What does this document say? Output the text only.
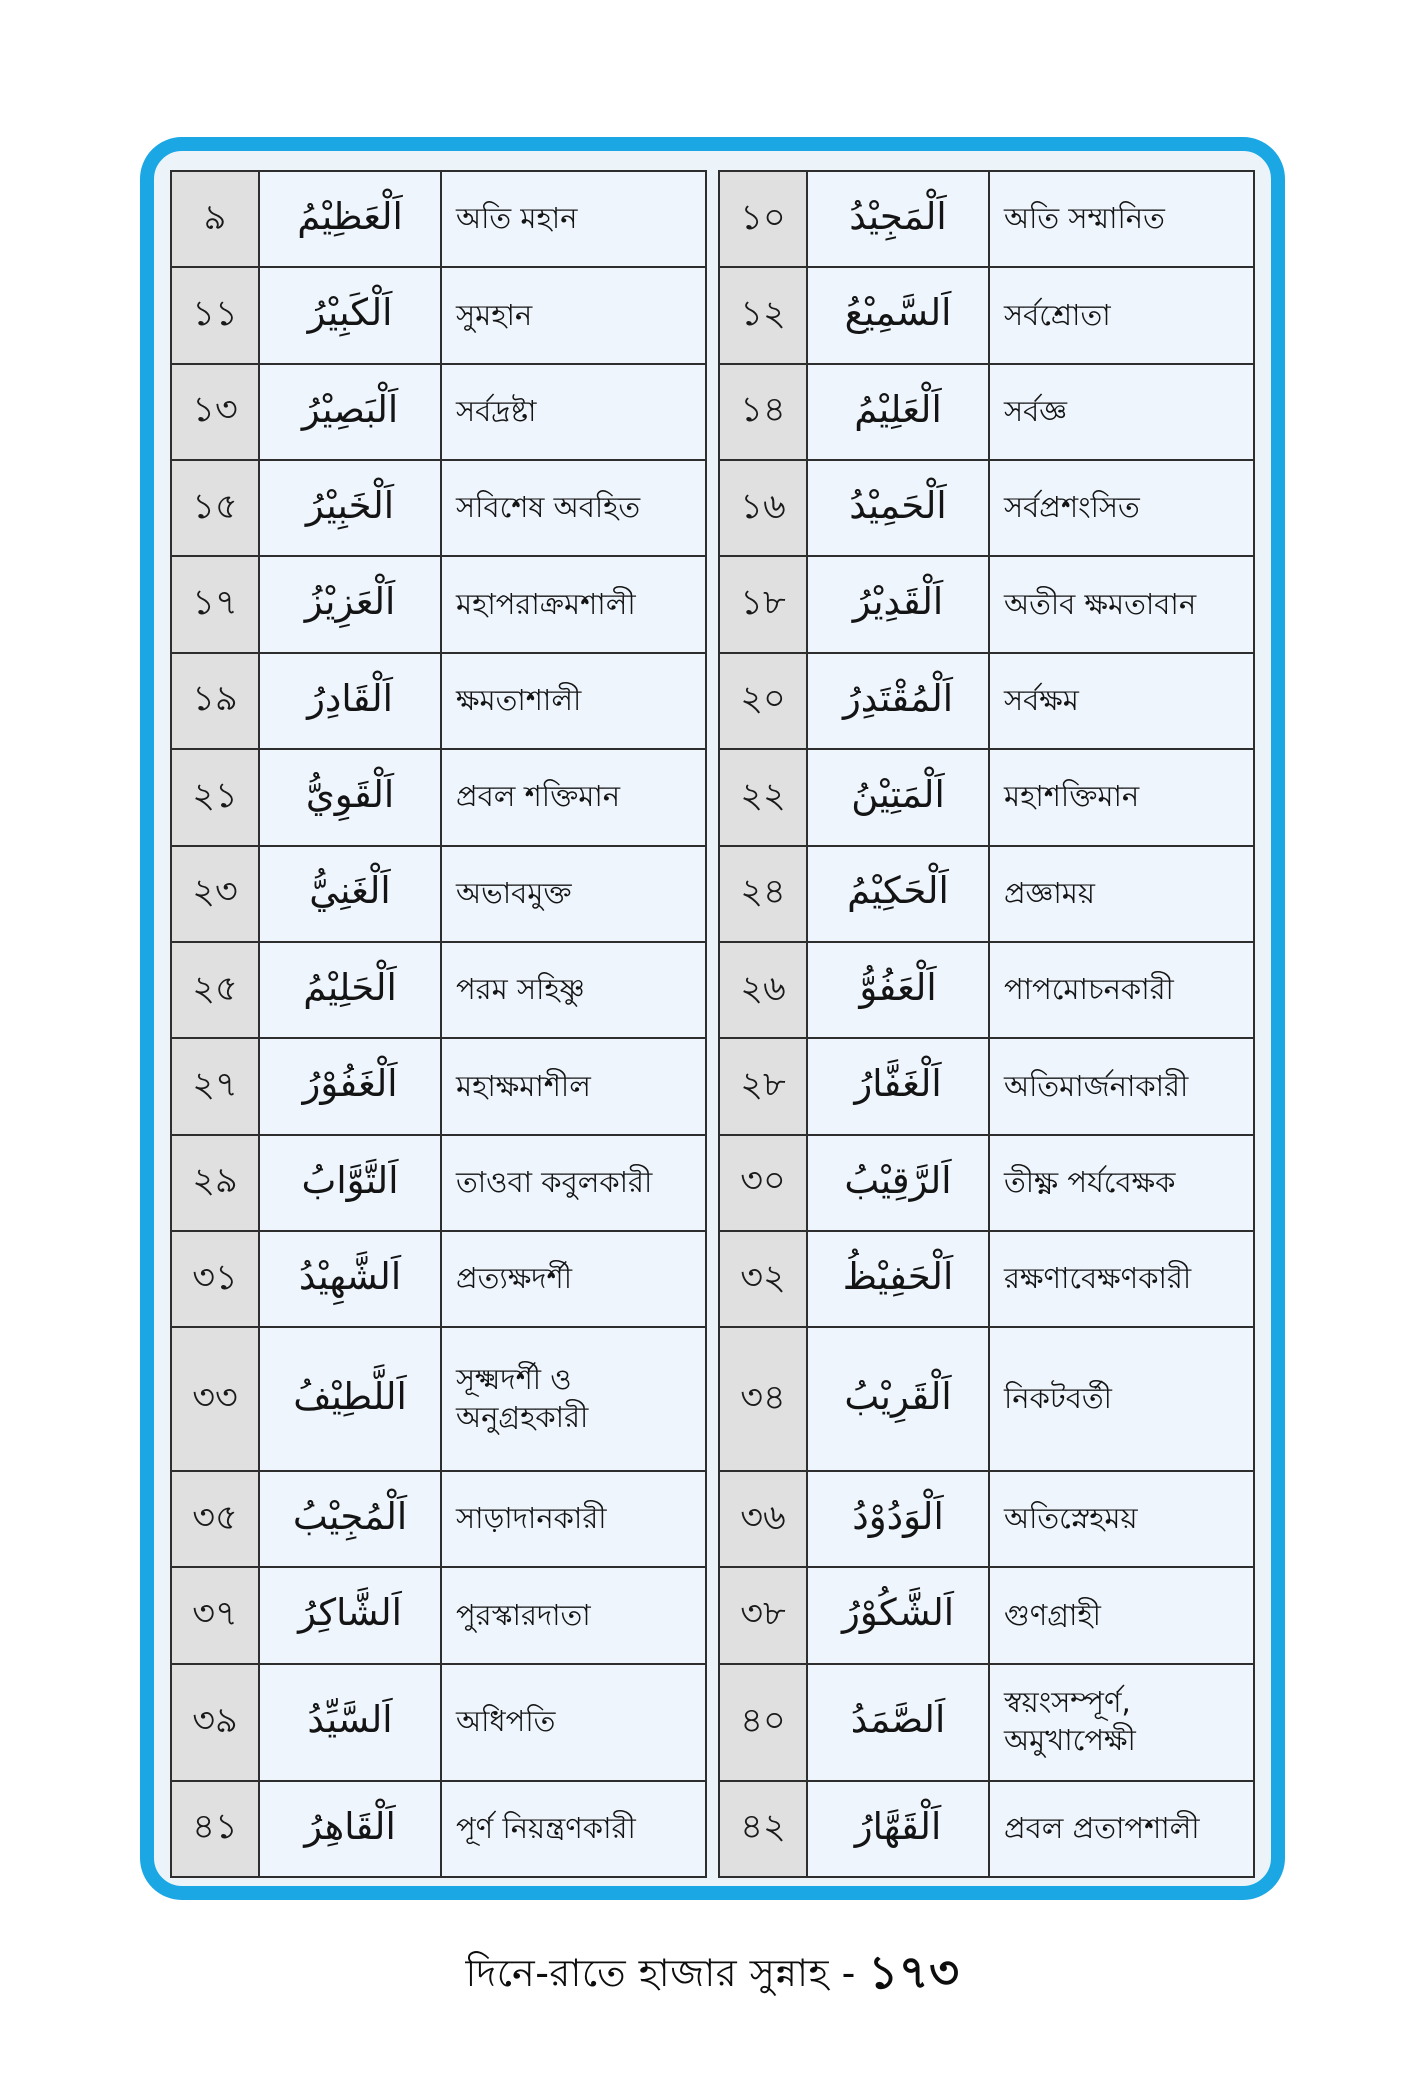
৯	اَلْعَظِيْمُ	অতি মহান
১১	اَلْكَبِيْرُ	সুমহান
১৩	اَلْبَصِيْرُ	সর্বদ্রষ্টা
১৫	اَلْخَبِيْرُ	সবিশেষ অবহিত
১৭	اَلْعَزِيْزُ	মহাপরাক্রমশালী
১৯	اَلْقَادِرُ	ক্ষমতাশালী
২১	اَلْقَوِيُّ	প্রবল শক্তিমান
২৩	اَلْغَنِيُّ	অভাবমুক্ত
২৫	اَلْحَلِيْمُ	পরম সহিষ্ণু
২৭	اَلْغَفُوْرُ	মহাক্ষমাশীল
২৯	اَلتَّوَّابُ	তাওবা কবুলকারী
৩১	اَلشَّهِيْدُ	প্রত্যক্ষদর্শী
৩৩	اَللَّطِيْفُ	সূক্ষ্মদর্শী ও অনুগ্রহকারী
৩৫	اَلْمُجِيْبُ	সাড়াদানকারী
৩৭	اَلشَّاكِرُ	পুরস্কারদাতা
৩৯	اَلسَّيِّدُ	অধিপতি
৪১	اَلْقَاهِرُ	পূর্ণ নিয়ন্ত্রণকারী
১০	اَلْمَجِيْدُ	অতি সম্মানিত
১২	اَلسَّمِيْعُ	সর্বশ্রোতা
১৪	اَلْعَلِيْمُ	সর্বজ্ঞ
১৬	اَلْحَمِيْدُ	সর্বপ্রশংসিত
১৮	اَلْقَدِيْرُ	অতীব ক্ষমতাবান
২০	اَلْمُقْتَدِرُ	সর্বক্ষম
২২	اَلْمَتِيْنُ	মহাশক্তিমান
২৪	اَلْحَكِيْمُ	প্রজ্ঞাময়
২৬	اَلْعَفُوُّ	পাপমোচনকারী
২৮	اَلْغَفَّارُ	অতিমার্জনাকারী
৩০	اَلرَّقِيْبُ	তীক্ষ্ণ পর্যবেক্ষক
৩২	اَلْحَفِيْظُ	রক্ষণাবেক্ষণকারী
৩৪	اَلْقَرِيْبُ	নিকটবর্তী
৩৬	اَلْوَدُوْدُ	অতিস্নেহময়
৩৮	اَلشَّكُوْرُ	গুণগ্রাহী
৪০	اَلصَّمَدُ	স্বয়ংসম্পূর্ণ, অমুখাপেক্ষী
৪২	اَلْقَهَّارُ	প্রবল প্রতাপশালী
দিনে-রাতে হাজার সুন্নাহ - ১৭৩
